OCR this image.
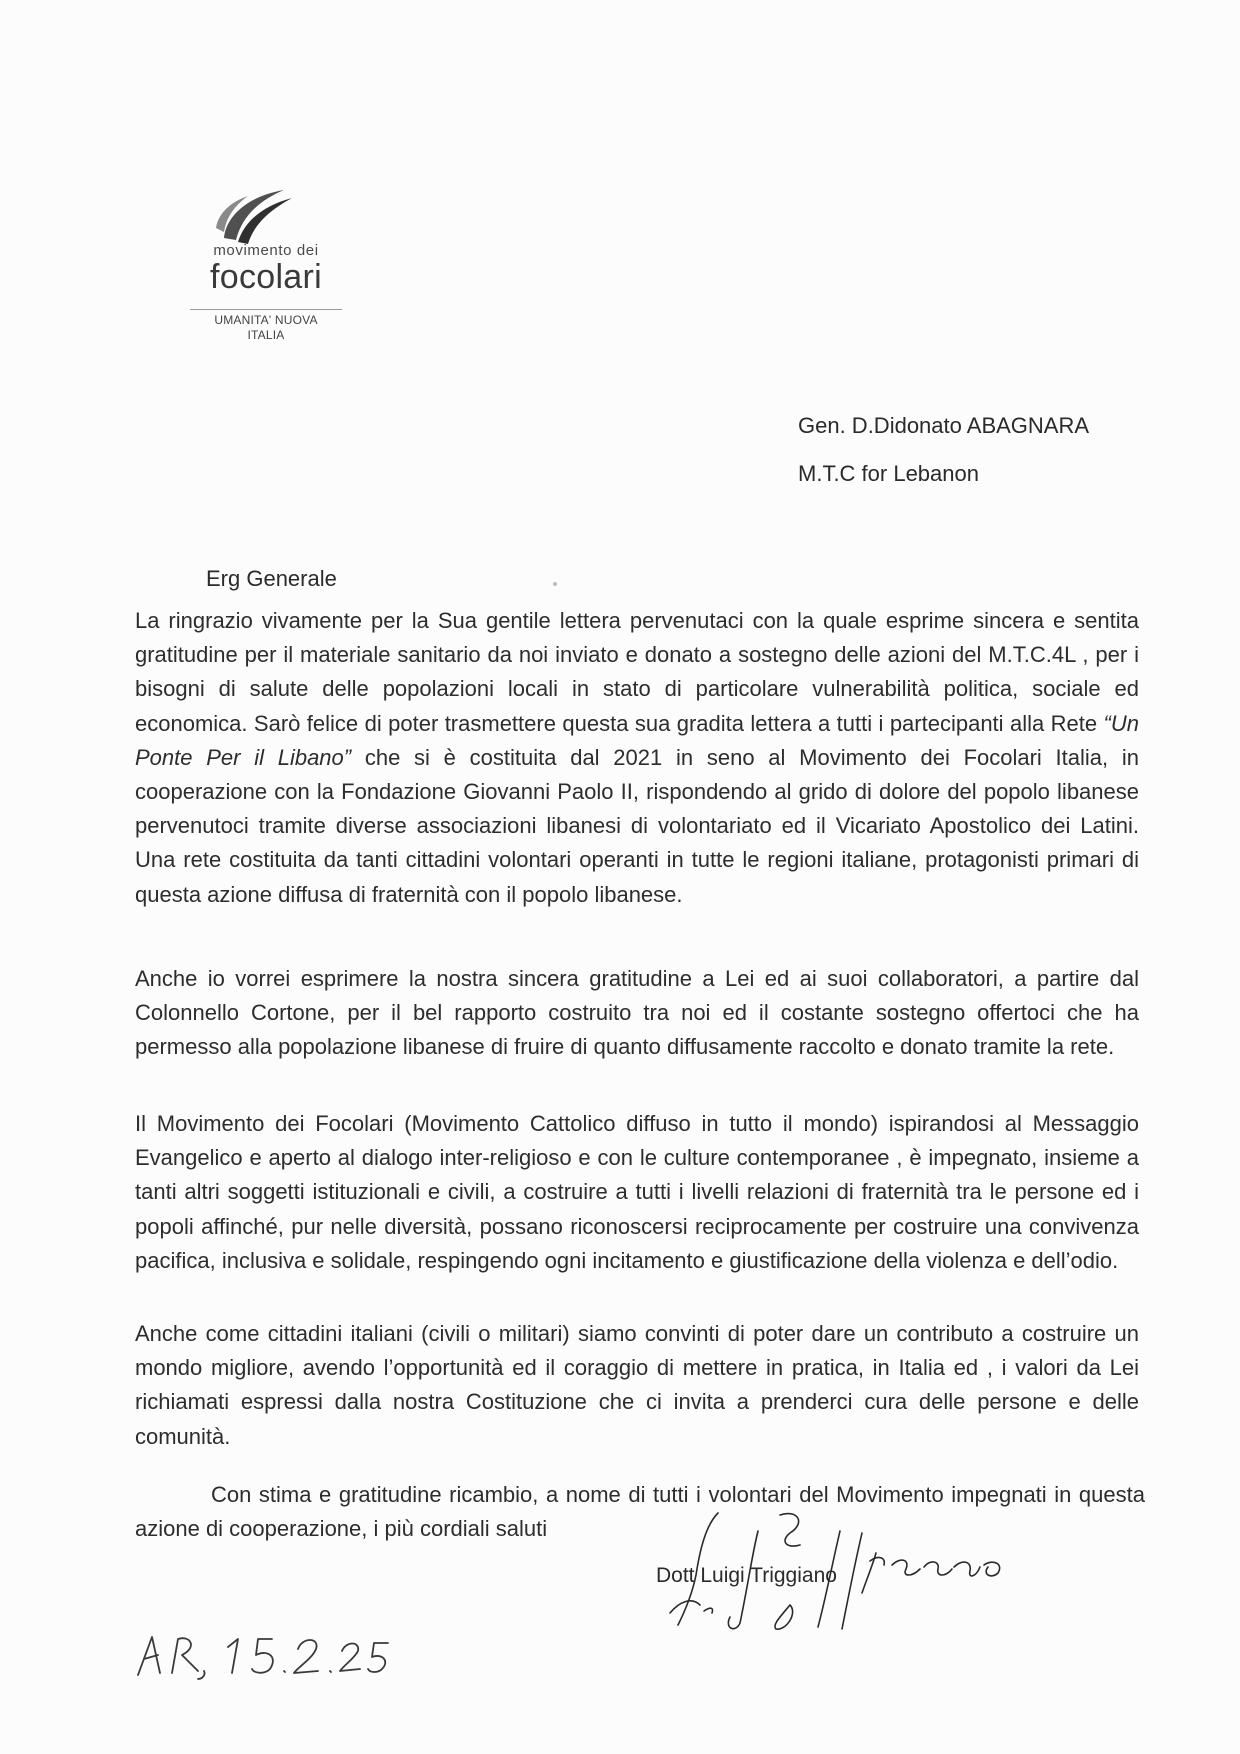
movimento dei
focolari
UMANITA' NUOVA
ITALIA
Gen. D.Didonato ABAGNARA
M.T.C for Lebanon
Erg Generale
La ringrazio vivamente per la Sua gentile lettera pervenutaci con la quale esprime sincera e sentita gratitudine per il materiale sanitario da noi inviato e donato a sostegno delle azioni del M.T.C.4L , per i bisogni di salute delle popolazioni locali in stato di particolare vulnerabilità politica, sociale ed economica. Sarò felice di poter trasmettere questa sua gradita lettera a tutti i partecipanti alla Rete “Un Ponte Per il Libano” che si è costituita dal 2021 in seno al Movimento dei Focolari Italia, in cooperazione con la Fondazione Giovanni Paolo II, rispondendo al grido di dolore del popolo libanese pervenutoci tramite diverse associazioni libanesi di volontariato ed il Vicariato Apostolico dei Latini. Una rete costituita da tanti cittadini volontari operanti in tutte le regioni italiane, protagonisti primari di questa azione diffusa di fraternità con il popolo libanese.
Anche io vorrei esprimere la nostra sincera gratitudine a Lei ed ai suoi collaboratori, a partire dal Colonnello Cortone, per il bel rapporto costruito tra noi ed il costante sostegno offertoci che ha permesso alla popolazione libanese di fruire di quanto diffusamente raccolto e donato tramite la rete.
Il Movimento dei Focolari (Movimento Cattolico diffuso in tutto il mondo) ispirandosi al Messaggio Evangelico e aperto al dialogo inter-religioso e con le culture contemporanee , è impegnato, insieme a tanti altri soggetti istituzionali e civili, a costruire a tutti i livelli relazioni di fraternità tra le persone ed i popoli affinché, pur nelle diversità, possano riconoscersi reciprocamente per costruire una convivenza pacifica, inclusiva e solidale, respingendo ogni incitamento e giustificazione della violenza e dell’odio.
Anche come cittadini italiani (civili o militari) siamo convinti di poter dare un contributo a costruire un mondo migliore, avendo l’opportunità ed il coraggio di mettere in pratica, in Italia ed , i valori da Lei richiamati espressi dalla nostra Costituzione che ci invita a prenderci cura delle persone e delle comunità.
Con stima e gratitudine ricambio, a nome di tutti i volontari del Movimento impegnati in questa azione di cooperazione, i più cordiali saluti
Dott Luigi Triggiano
